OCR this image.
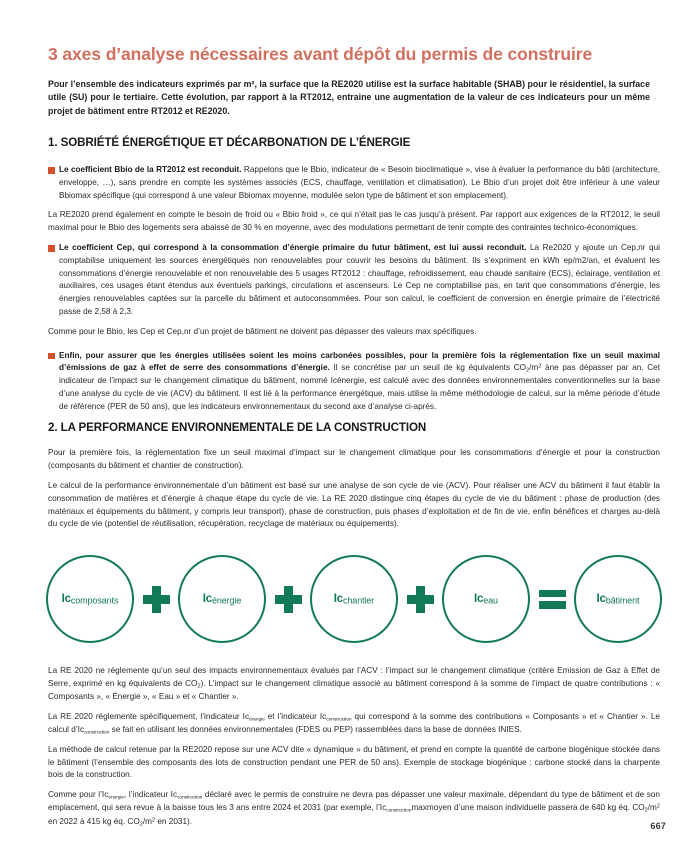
3 axes d’analyse nécessaires avant dépôt du permis de construire

Pour l’ensemble des indicateurs exprimés par m², la surface que la RE2020 utilise est la surface habitable (SHAB) pour le résidentiel, la surface utile (SU) pour le tertiaire. Cette évolution, par rapport à la RT2012, entraine une augmentation de la valeur de ces indicateurs pour un même projet de bâtiment entre RT2012 et RE2020.

1. SOBRIÉTÉ ÉNERGÉTIQUE ET DÉCARBONATION DE L’ÉNERGIE
Le coefficient Bbio de la RT2012 est reconduit. Rappelons que le Bbio, indicateur de « Besoin bioclimatique », vise à évaluer la performance du bâti (architecture, enveloppe, …), sans prendre en compte les systèmes associés (ECS, chauffage, ventilation et climatisation). Le Bbio d’un projet doit être inférieur à une valeur Bbiomax spécifique (qui correspond à une valeur Bbiomax moyenne, modulée selon type de bâtiment et son emplacement).

La RE2020 prend également en compte le besoin de froid ou « Bbio froid », ce qui n’était pas le cas jusqu’à présent. Par rapport aux exigences de la RT2012, le seuil maximal pour le Bbio des logements sera abaissé de 30 % en moyenne, avec des modulations permettant de tenir compte des contraintes technico-économiques.

Le coefficient Cep, qui correspond à la consommation d’énergie primaire du futur bâtiment, est lui aussi reconduit. La Re2020 y ajoute un Cep,nr qui comptabilise uniquement les sources énergétiques non renouvelables pour couvrir les besoins du bâtiment. Ils s’expriment en kWh ep/m2/an, et évaluent les consommations d’énergie renouvelable et non renouvelable des 5 usages RT2012 : chauffage, refroidissement, eau chaude sanitaire (ECS), éclairage, ventilation et auxiliaires, ces usages étant étendus aux éventuels parkings, circulations et ascenseurs. Le Cep ne comptabilise pas, en tant que consommations d’énergie, les énergies renouvelables captées sur la parcelle du bâtiment et autoconsommées. Pour son calcul, le coefficient de conversion en énergie primaire de l’électricité passe de 2,58 à 2,3.

Comme pour le Bbio, les Cep et Cep,nr d’un projet de bâtiment ne doivent pas dépasser des valeurs max spécifiques.

Enfin, pour assurer que les énergies utilisées soient les moins carbonées possibles, pour la première fois la réglementation fixe un seuil maximal d’émissions de gaz à effet de serre des consommations d’énergie. Il se concrétise par un seuil de kg équivalents $CO_2/m^2$ àne pas dépasser par an. Cet indicateur de l’impact sur le changement climatique du bâtiment, nommé Icénergie, est calculé avec des données environnementales conventionnelles sur la base d’une analyse du cycle de vie (ACV) du bâtiment. Il est lié à la performance énergétique, mais utilise la même méthodologie de calcul, sur la même période d’étude de référence (PER de 50 ans), que les indicateurs environnementaux du second axe d’analyse ci-après.
2. LA PERFORMANCE ENVIRONNEMENTALE DE LA CONSTRUCTION

Pour la première fois, la réglementation fixe un seuil maximal d’impact sur le changement climatique pour les consommations d’énergie et pour la construction (composants du bâtiment et chantier de construction).

Le calcul de la performance environnementale d’un bâtiment est basé sur une analyse de son cycle de vie (ACV). Pour réaliser une ACV du bâtiment il faut établir la consommation de matières et d’énergie à chaque étape du cycle de vie. La RE 2020 distingue cinq étapes du cycle de vie du bâtiment : phase de production (des matériaux et équipements du bâtiment, y compris leur transport), phase de construction, puis phases d’exploitation et de fin de vie, enfin bénéfices et charges au-delà du cycle de vie (potentiel de réutilisation, récupération, recyclage de matériaux ou équipements).

Iccomposants	Icénergie	Icchantier	Iceau	Icbâtiment

La RE 2020 ne réglemente qu’un seul des impacts environnementaux évalués par l’ACV : l’impact sur le changement climatique (critère Emission de Gaz à Effet de Serre, exprimé en kg équivalents de $CO_2$). L’impact sur le changement climatique associé au bâtiment correspond à la somme de l’impact de quatre contributions : « Composants », « Énergie », « Eau » et « Chantier ».

La RE 2020 réglemente spécifiquement, l’indicateur Icénergie et l’indicateur Icconstruction qui correspond à la somme des contributions « Composants » et « Chantier ». Le calcul d’Icconstruction se fait en utilisant les données environnementales (FDES ou PEP) rassemblées dans la base de données INIES.

La méthode de calcul retenue par la RE2020 repose sur une ACV dite « dynamique » du bâtiment, et prend en compte la quantité de carbone biogénique stockée dans le bâtiment (l’ensemble des composants des lots de construction pendant une PER de 50 ans). Exemple de stockage biogénique : carbone stocké dans la charpente bois de la construction.

Comme pour l’Icénergie, l’indicateur Icconstruction déclaré avec le permis de construire ne devra pas dépasser une valeur maximale, dépendant du type de bâtiment et de son emplacement, qui sera revue à la baisse tous les 3 ans entre 2024 et 2031 (par exemple, l’Icconstructionmaxmoyen d’une maison individuelle passera de 640 kg éq. $CO_2/m^2$ en 2022 à 415 kg éq. $CO_2/m^2$ en 2031).	667
